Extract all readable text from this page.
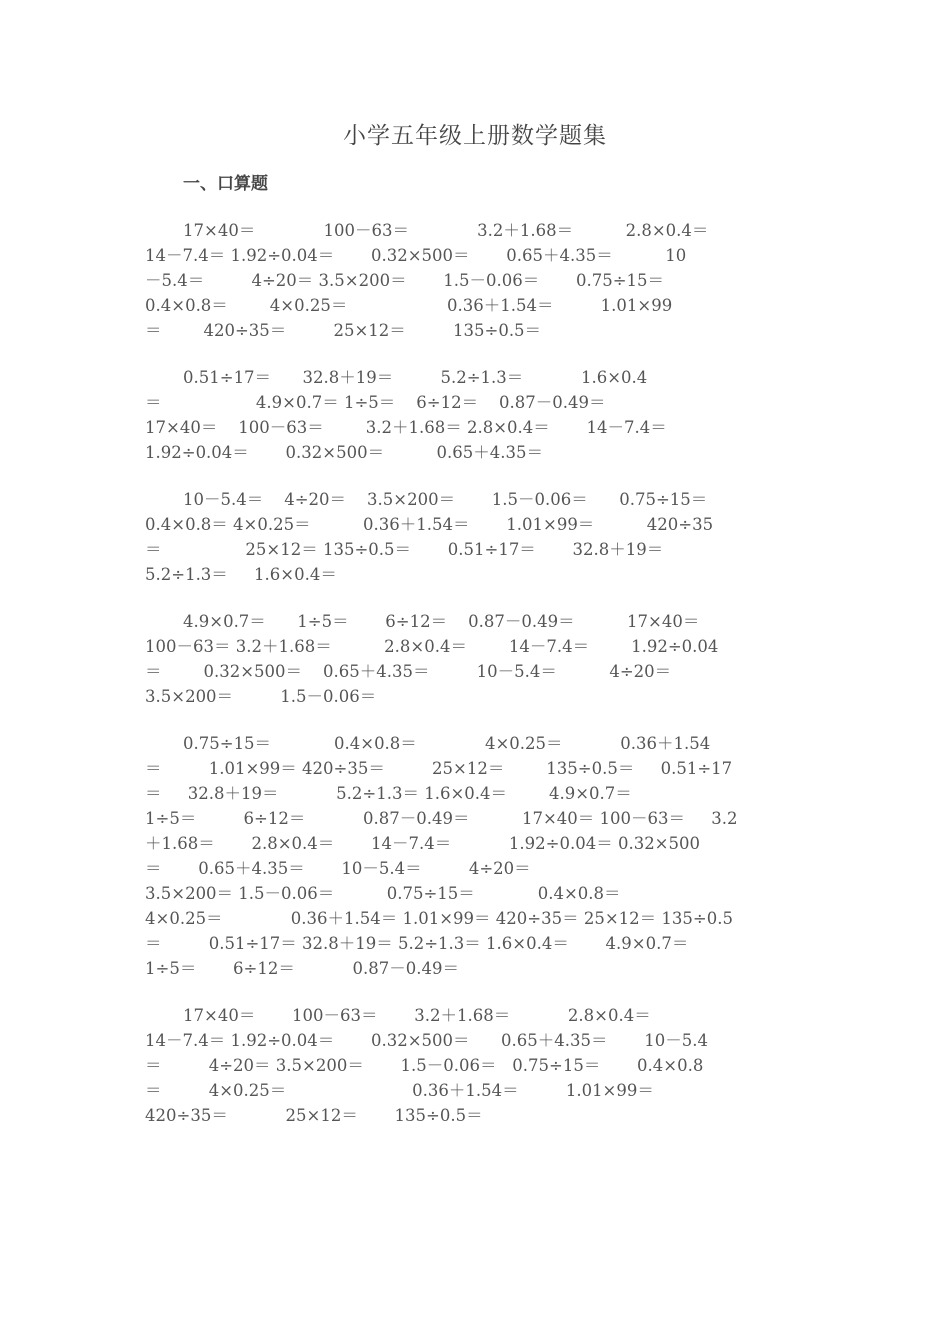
小学五年级上册数学题集
一、口算题
17×40＝             100－63＝             3.2＋1.68＝          2.8×0.4＝
14－7.4＝ 1.92÷0.04＝       0.32×500＝       0.65＋4.35＝          10
－5.4＝         4÷20＝ 3.5×200＝       1.5－0.06＝       0.75÷15＝
0.4×0.8＝        4×0.25＝                   0.36＋1.54＝         1.01×99
＝        420÷35＝         25×12＝         135÷0.5＝
0.51÷17＝      32.8＋19＝         5.2÷1.3＝           1.6×0.4
＝                  4.9×0.7＝ 1÷5＝    6÷12＝    0.87－0.49＝
17×40＝    100－63＝        3.2＋1.68＝ 2.8×0.4＝       14－7.4＝
1.92÷0.04＝       0.32×500＝          0.65＋4.35＝
10－5.4＝    4÷20＝    3.5×200＝       1.5－0.06＝      0.75÷15＝
0.4×0.8＝ 4×0.25＝          0.36＋1.54＝       1.01×99＝          420÷35
＝                25×12＝ 135÷0.5＝       0.51÷17＝       32.8＋19＝
5.2÷1.3＝     1.6×0.4＝
4.9×0.7＝      1÷5＝       6÷12＝    0.87－0.49＝          17×40＝
100－63＝ 3.2＋1.68＝          2.8×0.4＝        14－7.4＝        1.92÷0.04
＝        0.32×500＝    0.65＋4.35＝         10－5.4＝          4÷20＝
3.5×200＝         1.5－0.06＝
0.75÷15＝            0.4×0.8＝             4×0.25＝           0.36＋1.54
＝         1.01×99＝ 420÷35＝         25×12＝        135÷0.5＝     0.51÷17
＝     32.8＋19＝           5.2÷1.3＝ 1.6×0.4＝        4.9×0.7＝
1÷5＝         6÷12＝           0.87－0.49＝          17×40＝ 100－63＝     3.2
＋1.68＝       2.8×0.4＝       14－7.4＝           1.92÷0.04＝ 0.32×500
＝       0.65＋4.35＝       10－5.4＝         4÷20＝
3.5×200＝ 1.5－0.06＝          0.75÷15＝            0.4×0.8＝
4×0.25＝             0.36＋1.54＝ 1.01×99＝ 420÷35＝ 25×12＝ 135÷0.5
＝         0.51÷17＝ 32.8＋19＝ 5.2÷1.3＝ 1.6×0.4＝       4.9×0.7＝
1÷5＝       6÷12＝           0.87－0.49＝
17×40＝       100－63＝       3.2＋1.68＝           2.8×0.4＝
14－7.4＝ 1.92÷0.04＝       0.32×500＝      0.65＋4.35＝       10－5.4
＝         4÷20＝ 3.5×200＝       1.5－0.06＝   0.75÷15＝       0.4×0.8
＝         4×0.25＝                        0.36＋1.54＝         1.01×99＝
420÷35＝           25×12＝       135÷0.5＝
